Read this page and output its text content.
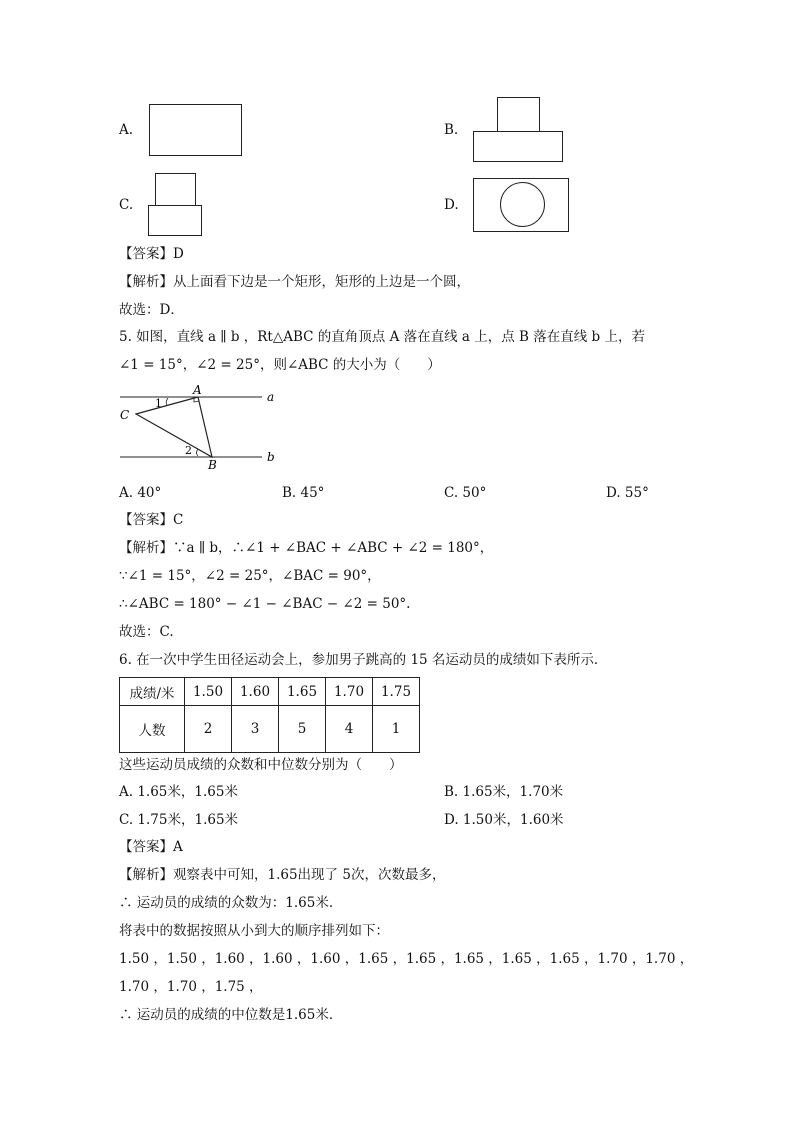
A.	B.
C.	D.
【答案】D
【解析】从上面看下边是一个矩形，矩形的上边是一个圆，
故选：D．
5. 如图，直线 a ∥ b ，Rt△ABC 的直角顶点 A 落在直线 a 上，点 B 落在直线 b 上，若
∠1 = 15°，∠2 = 25°，则∠ABC 的大小为（　　）
A
C
B
a
b
1
2
A. 40°	B. 45°	C. 50°	D. 55°
【答案】C
【解析】∵a ∥ b，∴∠1 + ∠BAC + ∠ABC + ∠2 = 180°，
∵∠1 = 15°，∠2 = 25°，∠BAC = 90°，
∴∠ABC = 180° − ∠1 − ∠BAC − ∠2 = 50°.
故选：C.
6. 在一次中学生田径运动会上，参加男子跳高的 15 名运动员的成绩如下表所示．
成绩/米	1.50	1.60	1.65	1.70	1.75
人数	2	3	5	4	1
这些运动员成绩的众数和中位数分别为（　　）
A. 1.65米，1.65米	B. 1.65米，1.70米
C. 1.75米，1.65米	D. 1.50米，1.60米
【答案】A
【解析】观察表中可知，1.65出现了 5次，次数最多，
∴ 运动员的成绩的众数为：1.65米.
将表中的数据按照从小到大的顺序排列如下：
1.50 ，1.50 ，1.60 ，1.60 ，1.60 ，1.65 ，1.65 ，1.65 ，1.65 ，1.65 ，1.70 ，1.70 ，
1.70 ，1.70 ，1.75 ，
∴ 运动员的成绩的中位数是1.65米．
